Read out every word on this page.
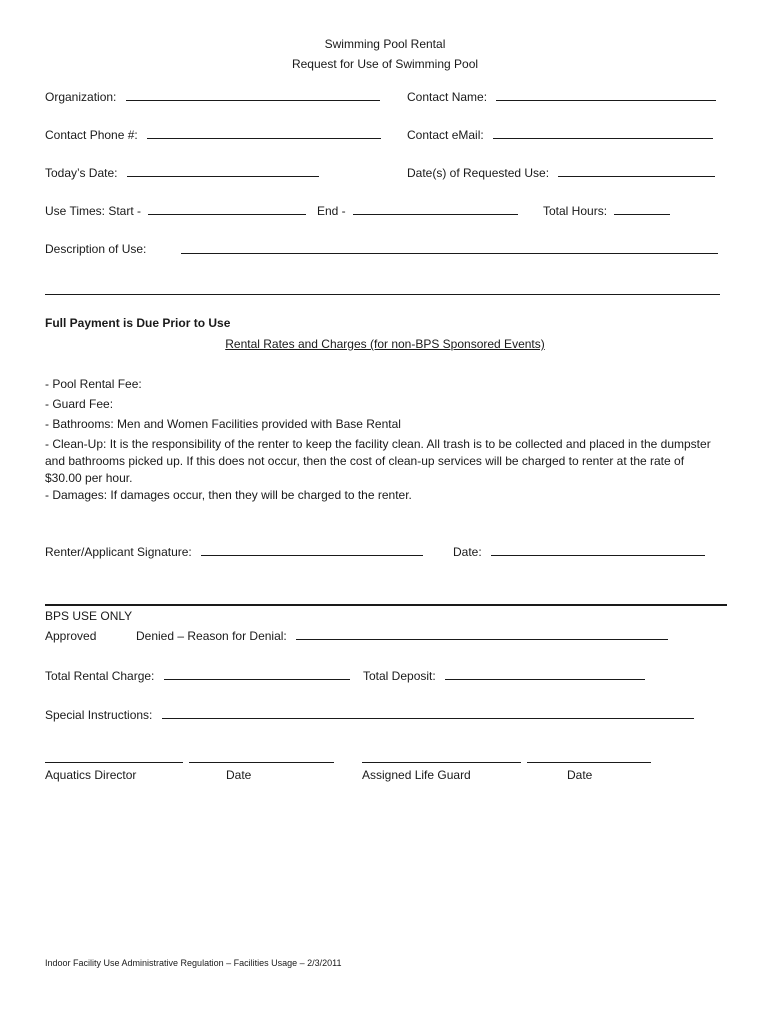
Swimming Pool Rental
Request for Use of Swimming Pool
Organization:	Contact Name:
Contact Phone #:	Contact eMail:
Today’s Date:	Date(s) of Requested Use:
Use Times: Start -	End -	Total Hours:
Description of Use:
Full Payment is Due Prior to Use
Rental Rates and Charges (for non-BPS Sponsored Events)
- Pool Rental Fee:
- Guard Fee:
- Bathrooms: Men and Women Facilities provided with Base Rental
- Clean-Up: It is the responsibility of the renter to keep the facility clean. All trash is to be collected and placed in the dumpster and bathrooms picked up. If this does not occur, then the cost of clean-up services will be charged to renter at the rate of $30.00 per hour.
- Damages: If damages occur, then they will be charged to the renter.
Renter/Applicant Signature:	Date:
BPS USE ONLY
Approved	Denied – Reason for Denial:
Total Rental Charge:	Total Deposit:
Special Instructions:
Aquatics Director	Date	Assigned Life Guard	Date
Indoor Facility Use Administrative Regulation – Facilities Usage – 2/3/2011
